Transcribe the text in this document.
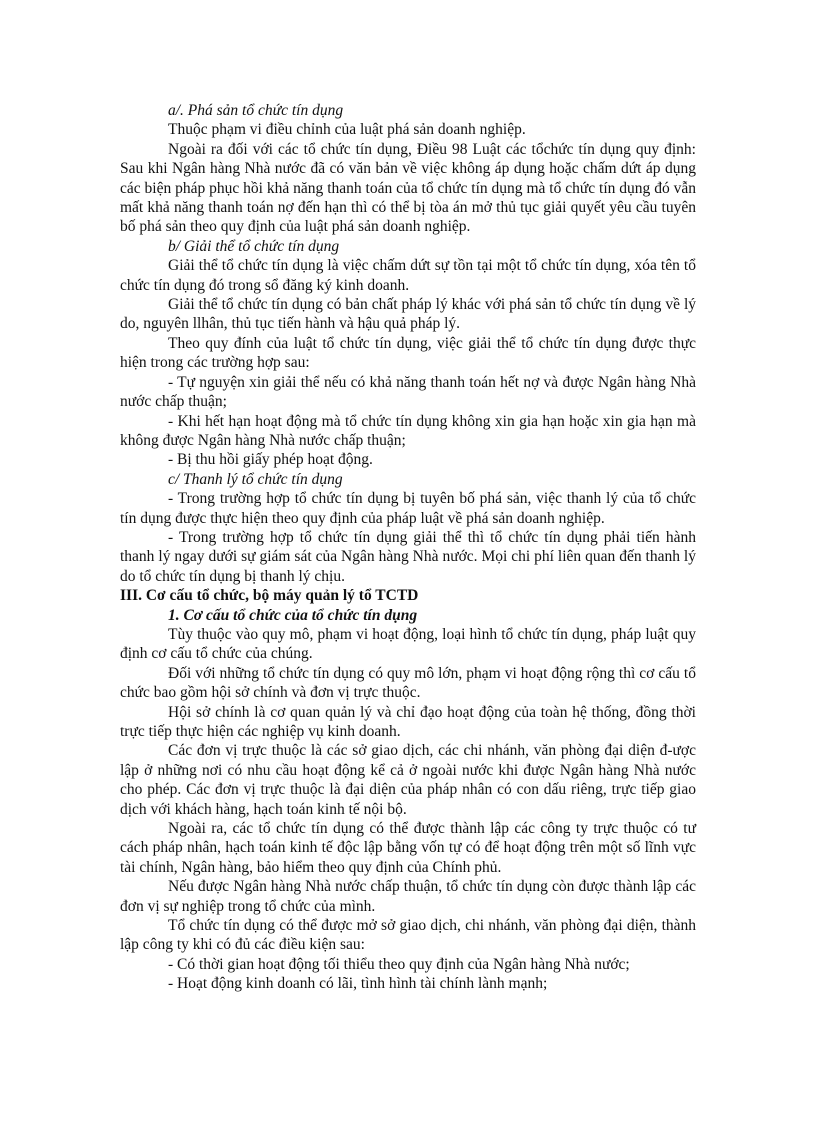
a/. Phá sản tổ chức tín dụng

Thuộc phạm vi điều chỉnh của luật phá sản doanh nghiệp.

Ngoài ra đối với các tổ chức tín dụng, Điều 98 Luật các tổchức tín dụng quy định: Sau khi Ngân hàng Nhà nước đã có văn bản về việc không áp dụng hoặc chấm dứt áp dụng các biện pháp phục hồi khả năng thanh toán của tổ chức tín dụng mà tổ chức tín dụng đó vẫn mất khả năng thanh toán nợ đến hạn thì có thể bị tòa án mở thủ tục giải quyết yêu cầu tuyên bố phá sản theo quy định của luật phá sản doanh nghiệp.

b/ Giải thể tổ chức tín dụng

Giải thể tổ chức tín dụng là việc chấm dứt sự tồn tại một tổ chức tín dụng, xóa tên tổ chức tín dụng đó trong sổ đăng ký kinh doanh.

Giải thể tổ chức tín dụng có bản chất pháp lý khác với phá sản tổ chức tín dụng về lý do, nguyên llhân, thủ tục tiến hành và hậu quả pháp lý.

Theo quy đính của luật tổ chức tín dụng, việc giải thể tổ chức tín dụng được thực hiện trong các trường hợp sau:

- Tự nguyện xin giải thể nếu có khả năng thanh toán hết nợ và được Ngân hàng Nhà nước chấp thuận;

- Khi hết hạn hoạt động mà tổ chức tín dụng không xin gia hạn hoặc xin gia hạn mà không được Ngân hàng Nhà nước chấp thuận;

- Bị thu hồi giấy phép hoạt động.

c/ Thanh lý tổ chức tín dụng

- Trong trường hợp tổ chức tín dụng bị tuyên bố phá sản, việc thanh lý của tổ chức tín dụng được thực hiện theo quy định của pháp luật về phá sản doanh nghiệp.

- Trong trường hợp tổ chức tín dụng giải thể thì tổ chức tín dụng phải tiến hành thanh lý ngay dưới sự giám sát của Ngân hàng Nhà nước. Mọi chi phí liên quan đến thanh lý do tổ chức tín dụng bị thanh lý chịu.

III. Cơ cấu tổ chức, bộ máy quản lý tổ TCTD

1. Cơ cấu tổ chức của tổ chức tín dụng

Tùy thuộc vào quy mô, phạm vi hoạt động, loại hình tổ chức tín dụng, pháp luật quy định cơ cấu tổ chức của chúng.

Đối với những tổ chức tín dụng có quy mô lớn, phạm vi hoạt động rộng thì cơ cấu tổ chức bao gồm hội sở chính và đơn vị trực thuộc.

Hội sở chính là cơ quan quản lý và chỉ đạo hoạt động của toàn hệ thống, đồng thời trực tiếp thực hiện các nghiệp vụ kinh doanh.

Các đơn vị trực thuộc là các sở giao dịch, các chi nhánh, văn phòng đại diện đ-ược lập ở những nơi có nhu cầu hoạt động kể cả ở ngoài nước khi được Ngân hàng Nhà nước cho phép. Các đơn vị trực thuộc là đại diện của pháp nhân có con dấu riêng, trực tiếp giao dịch với khách hàng, hạch toán kinh tế nội bộ.

Ngoài ra, các tổ chức tín dụng có thể được thành lập các công ty trực thuộc có tư cách pháp nhân, hạch toán kinh tế độc lập bằng vốn tự có để hoạt động trên một số lĩnh vực tài chính, Ngân hàng, bảo hiểm theo quy định của Chính phủ.

Nếu được Ngân hàng Nhà nước chấp thuận, tổ chức tín dụng còn được thành lập các đơn vị sự nghiệp trong tổ chức của mình.

Tổ chức tín dụng có thể được mở sở giao dịch, chi nhánh, văn phòng đại diện, thành lập công ty khi có đủ các điều kiện sau:

- Có thời gian hoạt động tối thiểu theo quy định của Ngân hàng Nhà nước;

- Hoạt động kinh doanh có lãi, tình hình tài chính lành mạnh;
